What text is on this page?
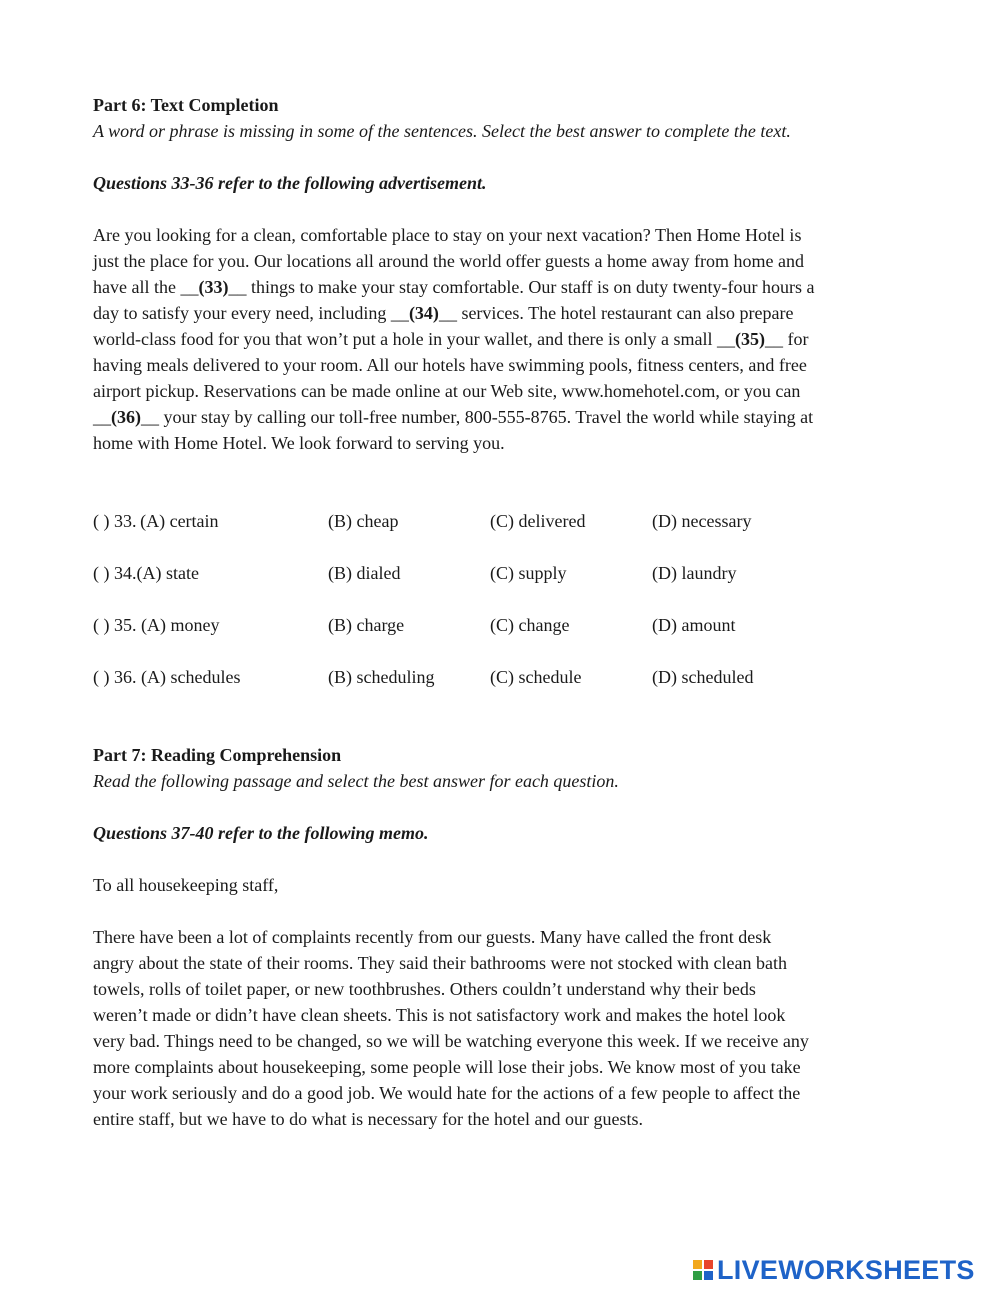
Part 6: Text Completion
A word or phrase is missing in some of the sentences. Select the best answer to complete the text.
Questions 33-36 refer to the following advertisement.
Are you looking for a clean, comfortable place to stay on your next vacation? Then Home Hotel is
just the place for you. Our locations all around the world offer guests a home away from home and
have all the __(33)__ things to make your stay comfortable. Our staff is on duty twenty-four hours a
day to satisfy your every need, including __(34)__ services. The hotel restaurant can also prepare
world-class food for you that won’t put a hole in your wallet, and there is only a small __(35)__ for
having meals delivered to your room. All our hotels have swimming pools, fitness centers, and free
airport pickup. Reservations can be made online at our Web site, www.homehotel.com, or you can
__(36)__ your stay by calling our toll-free number, 800-555-8765. Travel the world while staying at
home with Home Hotel. We look forward to serving you.
( ) 33. (A) certain	(B) cheap	(C) delivered	(D) necessary
( ) 34.(A) state	(B) dialed	(C) supply	(D) laundry
( ) 35. (A) money	(B) charge	(C) change	(D) amount
( ) 36. (A) schedules	(B) scheduling	(C) schedule	(D) scheduled
Part 7: Reading Comprehension
Read the following passage and select the best answer for each question.
Questions 37-40 refer to the following memo.
To all housekeeping staff,
There have been a lot of complaints recently from our guests. Many have called the front desk
angry about the state of their rooms. They said their bathrooms were not stocked with clean bath
towels, rolls of toilet paper, or new toothbrushes. Others couldn’t understand why their beds
weren’t made or didn’t have clean sheets. This is not satisfactory work and makes the hotel look
very bad. Things need to be changed, so we will be watching everyone this week. If we receive any
more complaints about housekeeping, some people will lose their jobs. We know most of you take
your work seriously and do a good job. We would hate for the actions of a few people to affect the
entire staff, but we have to do what is necessary for the hotel and our guests.
LIVEWORKSHEETS
